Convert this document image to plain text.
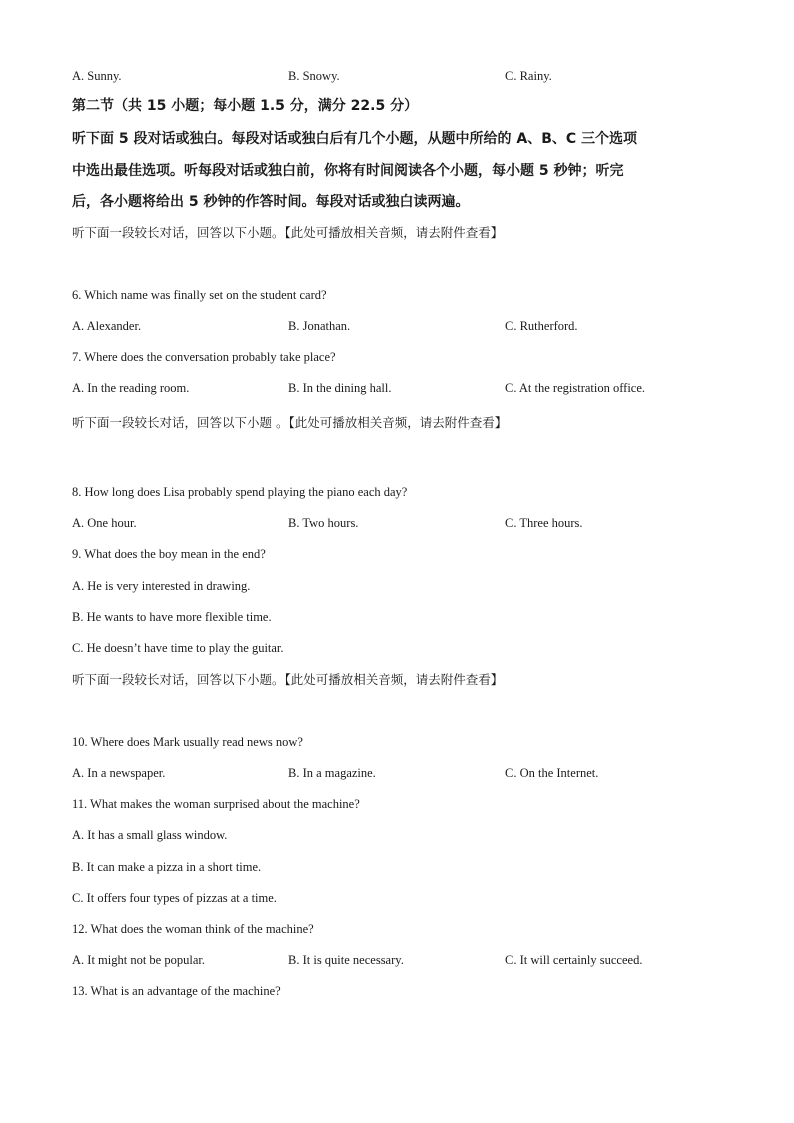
A. Sunny.	B. Snowy.	C. Rainy.
第二节（共 15 小题；每小题 1.5 分，满分 22.5 分）
听下面 5 段对话或独白。每段对话或独白后有几个小题，从题中所给的 A、B、C 三个选项
中选出最佳选项。听每段对话或独白前，你将有时间阅读各个小题，每小题 5 秒钟；听完
后，各小题将给出 5 秒钟的作答时间。每段对话或独白读两遍。
听下面一段较长对话，回答以下小题。【此处可播放相关音频，请去附件查看】
6. Which name was finally set on the student card?
A. Alexander.	B. Jonathan.	C. Rutherford.
7. Where does the conversation probably take place?
A. In the reading room.	B. In the dining hall.	C. At the registration office.
听下面一段较长对话，回答以下小题 。【此处可播放相关音频，请去附件查看】
8. How long does Lisa probably spend playing the piano each day?
A. One hour.	B. Two hours.	C. Three hours.
9. What does the boy mean in the end?
A. He is very interested in drawing.
B. He wants to have more flexible time.
C. He doesn’t have time to play the guitar.
听下面一段较长对话，回答以下小题。【此处可播放相关音频，请去附件查看】
10. Where does Mark usually read news now?
A. In a newspaper.	B. In a magazine.	C. On the Internet.
11. What makes the woman surprised about the machine?
A. It has a small glass window.
B. It can make a pizza in a short time.
C. It offers four types of pizzas at a time.
12. What does the woman think of the machine?
A. It might not be popular.	B. It is quite necessary.	C. It will certainly succeed.
13. What is an advantage of the machine?
